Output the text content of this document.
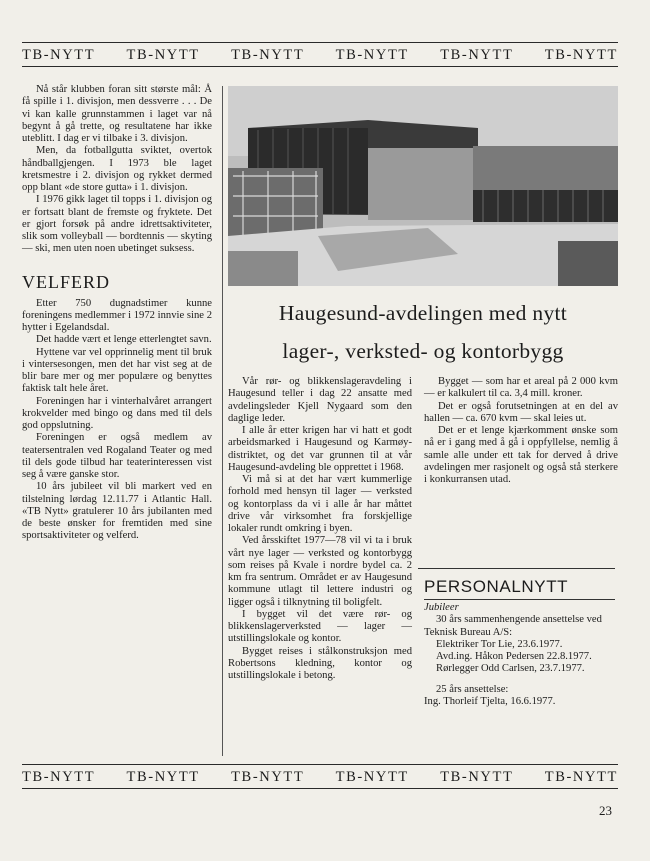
TB-NYTT TB-NYTT TB-NYTT TB-NYTT TB-NYTT TB-NYTT

Nå står klubben foran sitt største mål: Å få spille i 1. divisjon, men dessverre . . . De vi kan kalle grunnstammen i laget var nå begynt å gå trette, og resultatene har ikke uteblitt. I dag er vi tilbake i 3. divisjon.

Men, da fotballgutta sviktet, overtok håndballgjengen. I 1973 ble laget kretsmestre i 2. divisjon og rykket dermed opp blant «de store gutta» i 1. divisjon.

I 1976 gikk laget til topps i 1. divisjon og er fortsatt blant de fremste og fryktete. Det er gjort forsøk på andre idrettsaktiviteter, slik som volleyball — bordtennis — skyting — ski, men uten noen ubetinget suksess.

VELFERD

Etter 750 dugnadstimer kunne foreningens medlemmer i 1972 innvie sine 2 hytter i Egelandsdal.

Det hadde vært et lenge etterlengtet savn.

Hyttene var vel opprinnelig ment til bruk i vintersesongen, men det har vist seg at de blir bare mer og mer populære og benyttes faktisk talt hele året.

Foreningen har i vinterhalvåret arrangert krokvelder med bingo og dans med til dels god oppslutning.

Foreningen er også medlem av teatersentralen ved Rogaland Teater og med til dels gode tilbud har teaterinteressen vist seg å være ganske stor.

10 års jubileet vil bli markert ved en tilstelning lørdag 12.11.77 i Atlantic Hall. «TB Nytt» gratulerer 10 års jubilanten med de beste ønsker for fremtiden med sine sportsaktiviteter og velferd.

Haugesund-avdelingen med nytt
lager-, verksted- og kontorbygg

Vår rør- og blikkenslageravdeling i Haugesund teller i dag 22 ansatte med avdelingsleder Kjell Nygaard som den daglige leder.

I alle år etter krigen har vi hatt et godt arbeidsmarked i Haugesund og Karmøy-distriktet, og det var grunnen til at vår Haugesund-avdeling ble opprettet i 1968.

Vi må si at det har vært kummerlige forhold med hensyn til lager — verksted og kontorplass da vi i alle år har måttet drive vår virksomhet fra forskjellige lokaler rundt omkring i byen.

Ved årsskiftet 1977—78 vil vi ta i bruk vårt nye lager — verksted og kontorbygg som reises på Kvale i nordre bydel ca. 2 km fra sentrum. Området er av Haugesund kommune utlagt til lettere industri og ligger også i tilknytning til boligfelt.

I bygget vil det være rør- og blikkenslagerverksted — lager — utstillingslokale og kontor.

Bygget reises i stålkonstruksjon med Robertsons kledning, kontor og utstillingslokale i betong.

Bygget — som har et areal på 2 000 kvm — er kalkulert til ca. 3,4 mill. kroner.

Det er også forutsetningen at en del av hallen — ca. 670 kvm — skal leies ut.

Det er et lenge kjærkomment ønske som nå er i gang med å gå i oppfyllelse, nemlig å samle alle under ett tak for derved å drive avdelingen mer rasjonelt og også stå sterkere i konkurransen utad.

PERSONALNYTT
Jubileer
30 års sammenhengende ansettelse ved Teknisk Bureau A/S:
Elektriker Tor Lie, 23.6.1977.
Avd.ing. Håkon Pedersen 22.8.1977.
Rørlegger Odd Carlsen, 23.7.1977.
25 års ansettelse:
Ing. Thorleif Tjelta, 16.6.1977.
TB-NYTT TB-NYTT TB-NYTT TB-NYTT TB-NYTT TB-NYTT
23
